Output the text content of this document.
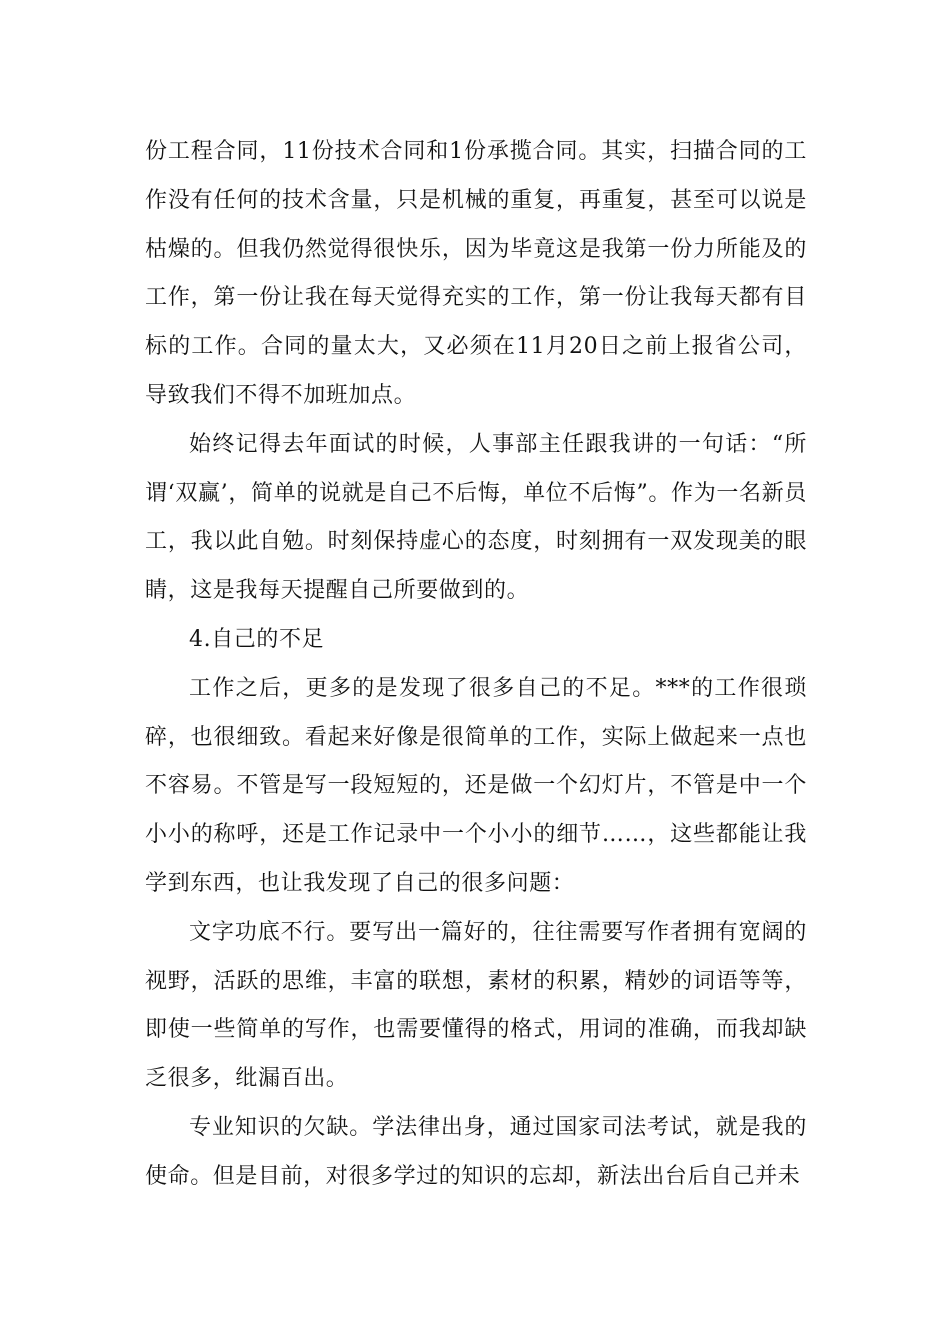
份工程合同，11份技术合同和1份承揽合同。其实，扫描合同的工作没有任何的技术含量，只是机械的重复，再重复，甚至可以说是枯燥的。但我仍然觉得很快乐，因为毕竟这是我第一份力所能及的工作，第一份让我在每天觉得充实的工作，第一份让我每天都有目标的工作。合同的量太大，又必须在11月20日之前上报省公司，导致我们不得不加班加点。

始终记得去年面试的时候，人事部主任跟我讲的一句话：“所谓‘双赢’，简单的说就是自己不后悔，单位不后悔”。作为一名新员工，我以此自勉。时刻保持虚心的态度，时刻拥有一双发现美的眼睛，这是我每天提醒自己所要做到的。

4.自己的不足

工作之后，更多的是发现了很多自己的不足。***的工作很琐碎，也很细致。看起来好像是很简单的工作，实际上做起来一点也不容易。不管是写一段短短的，还是做一个幻灯片，不管是中一个小小的称呼，还是工作记录中一个小小的细节……，这些都能让我学到东西，也让我发现了自己的很多问题：

文字功底不行。要写出一篇好的，往往需要写作者拥有宽阔的视野，活跃的思维，丰富的联想，素材的积累，精妙的词语等等，即使一些简单的写作，也需要懂得的格式，用词的准确，而我却缺乏很多，纰漏百出。

专业知识的欠缺。学法律出身，通过国家司法考试，就是我的使命。但是目前，对很多学过的知识的忘却，新法出台后自己并未
